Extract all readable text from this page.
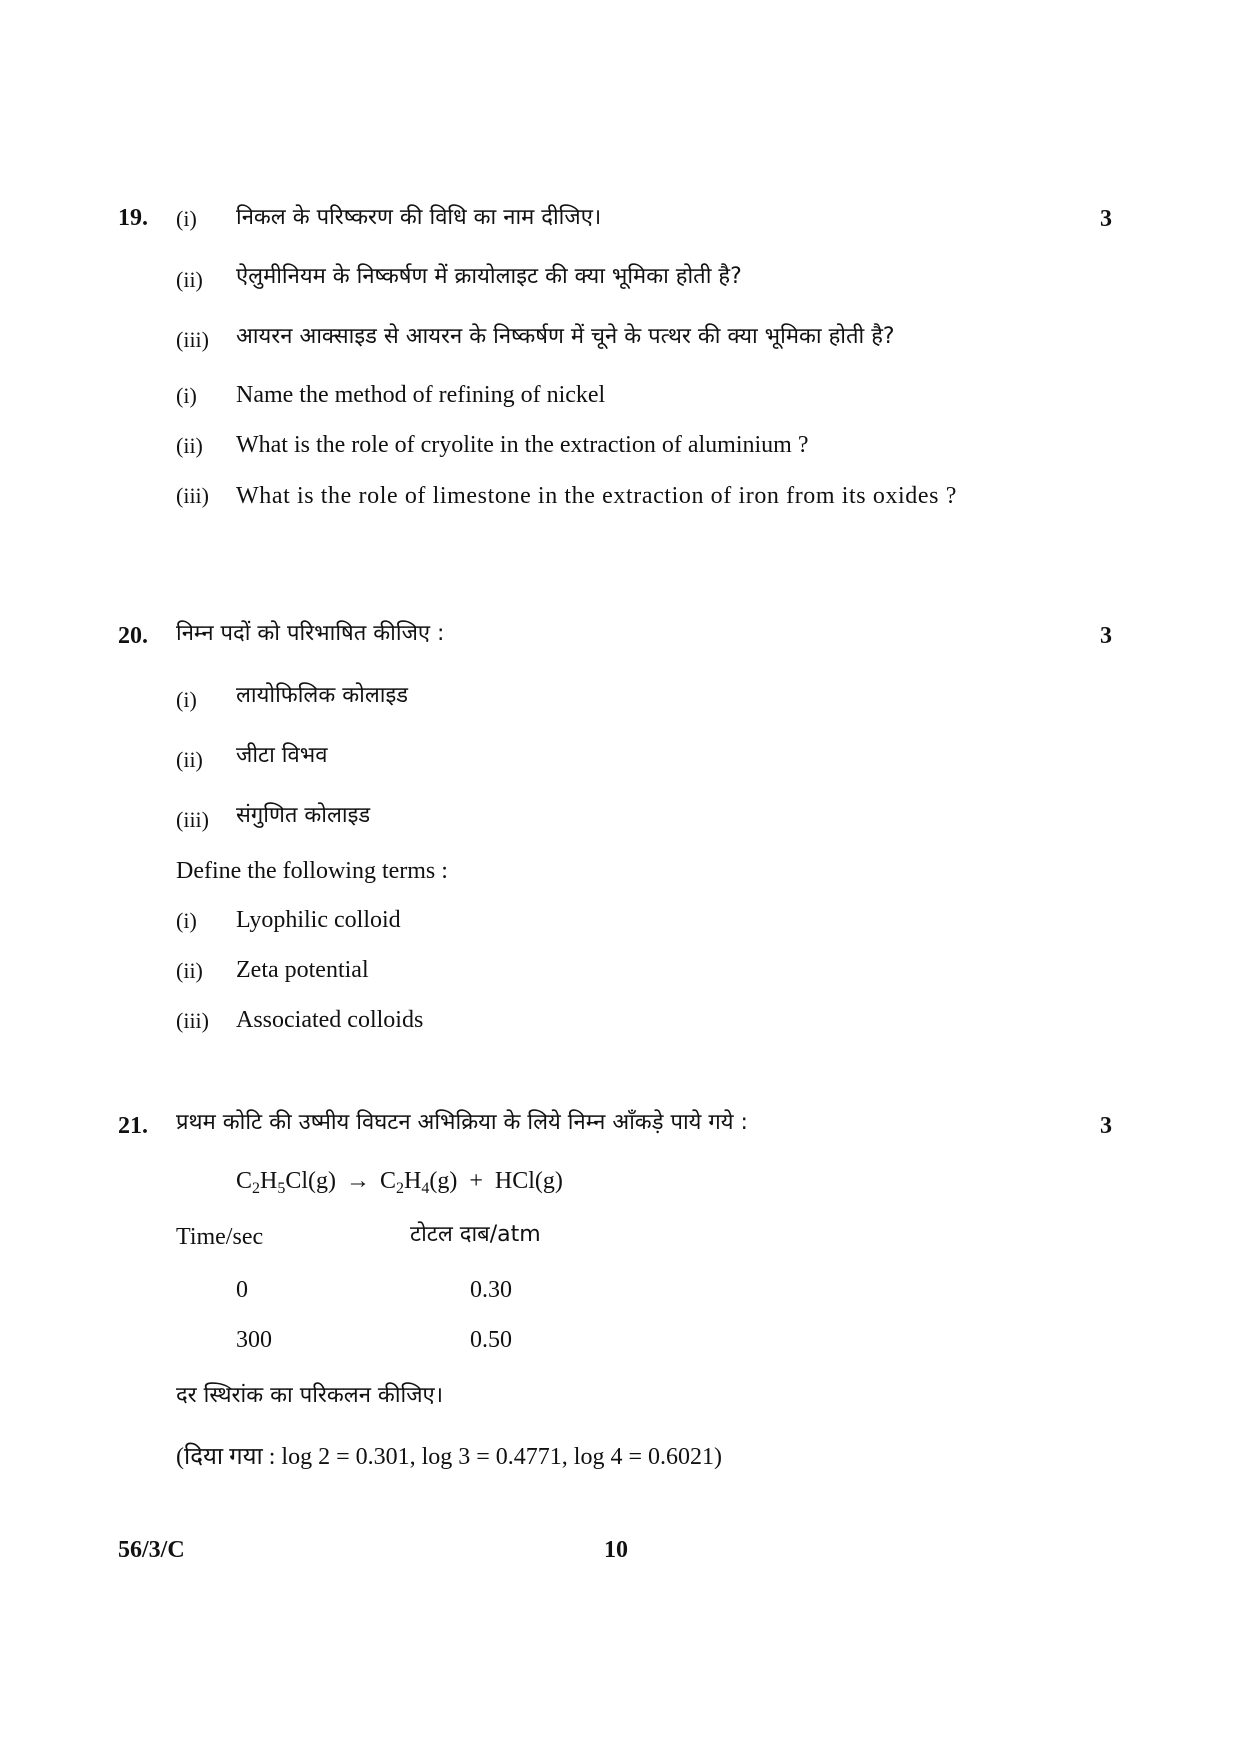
19. (i) निकल के परिष्करण की विधि का नाम दीजिए।	3
(ii) ऐलुमीनियम के निष्कर्षण में क्रायोलाइट की क्या भूमिका होती है?
(iii) आयरन आक्साइड से आयरन के निष्कर्षण में चूने के पत्थर की क्या भूमिका होती है?
(i) Name the method of refining of nickel
(ii) What is the role of cryolite in the extraction of aluminium ?
(iii) What is the role of limestone in the extraction of iron from its oxides ?
20. निम्न पदों को परिभाषित कीजिए :	3
(i) लायोफिलिक कोलाइड
(ii) जीटा विभव
(iii) संगुणित कोलाइड
Define the following terms :
(i) Lyophilic colloid
(ii) Zeta potential
(iii) Associated colloids
21. प्रथम कोटि की उष्मीय विघटन अभिक्रिया के लिये निम्न आँकड़े पाये गये :	3
$C_2H_5Cl(g) \to C_2H_4(g) + HCl(g)$
Time/sec	टोटल दाब/atm
0	0.30
300	0.50
दर स्थिरांक का परिकलन कीजिए।
(दिया गया : log 2 = 0.301, log 3 = 0.4771, log 4 = 0.6021)
56/3/C	10
